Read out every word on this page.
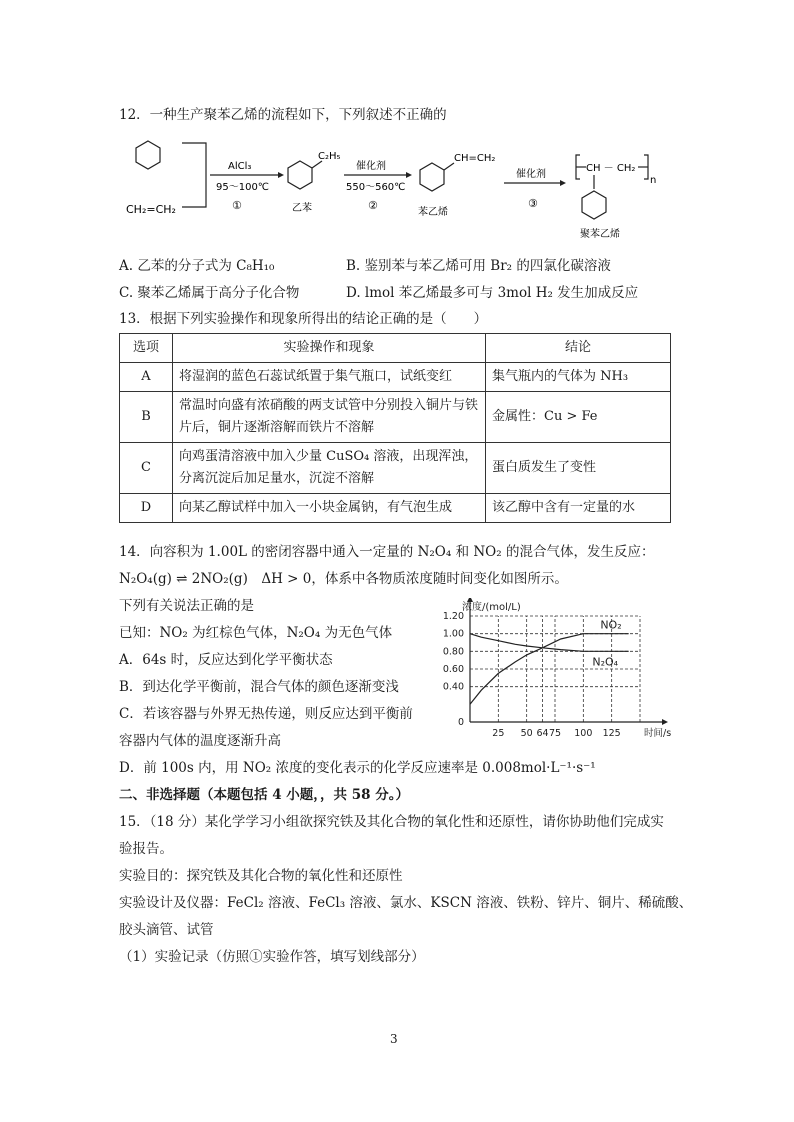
12．一种生产聚苯乙烯的流程如下，下列叙述不正确的
CH₂=CH₂
AlCl₃
95～100℃
①
C₂H₅
乙苯
催化剂
550～560℃
②
CH=CH₂
苯乙烯
催化剂
③
CH － CH₂
n
聚苯乙烯
A. 乙苯的分子式为 C₈H₁₀	B. 鉴别苯与苯乙烯可用 Br₂ 的四氯化碳溶液
C. 聚苯乙烯属于高分子化合物	D. lmol 苯乙烯最多可与 3mol H₂ 发生加成反应
13．根据下列实验操作和现象所得出的结论正确的是（　　）
选项	实验操作和现象	结论
A	将湿润的蓝色石蕊试纸置于集气瓶口，试纸变红	集气瓶内的气体为 NH₃
B	常温时向盛有浓硝酸的两支试管中分别投入铜片与铁片后，铜片逐渐溶解而铁片不溶解	金属性：Cu > Fe
C	向鸡蛋清溶液中加入少量 CuSO₄ 溶液，出现浑浊，分离沉淀后加足量水，沉淀不溶解	蛋白质发生了变性
D	向某乙醇试样中加入一小块金属钠，有气泡生成	该乙醇中含有一定量的水
14．向容积为 1.00L 的密闭容器中通入一定量的 N₂O₄ 和 NO₂ 的混合气体，发生反应：
N₂O₄(g) ⇌ 2NO₂(g)　ΔH > 0，体系中各物质浓度随时间变化如图所示。
下列有关说法正确的是
已知：NO₂ 为红棕色气体，N₂O₄ 为无色气体
A．64s 时，反应达到化学平衡状态
B．到达化学平衡前，混合气体的颜色逐渐变浅
C．若该容器与外界无热传递，则反应达到平衡前
容器内气体的温度逐渐升高
D．前 100s 内，用 NO₂ 浓度的变化表示的化学反应速率是 0.008mol·L⁻¹·s⁻¹
25 50 64 75 100 125
0
0.40
0.60
0.80
1.00
1.20
浓度/(mol/L)
时间/s
NO₂
N₂O₄
二、非选择题（本题包括 4 小题，，共 58 分。）
15．（18 分）某化学学习小组欲探究铁及其化合物的氧化性和还原性，请你协助他们完成实
验报告。
实验目的：探究铁及其化合物的氧化性和还原性
实验设计及仪器：FeCl₂ 溶液、FeCl₃ 溶液、氯水、KSCN 溶液、铁粉、锌片、铜片、稀硫酸、
胶头滴管、试管
（1）实验记录（仿照①实验作答，填写划线部分）
3
